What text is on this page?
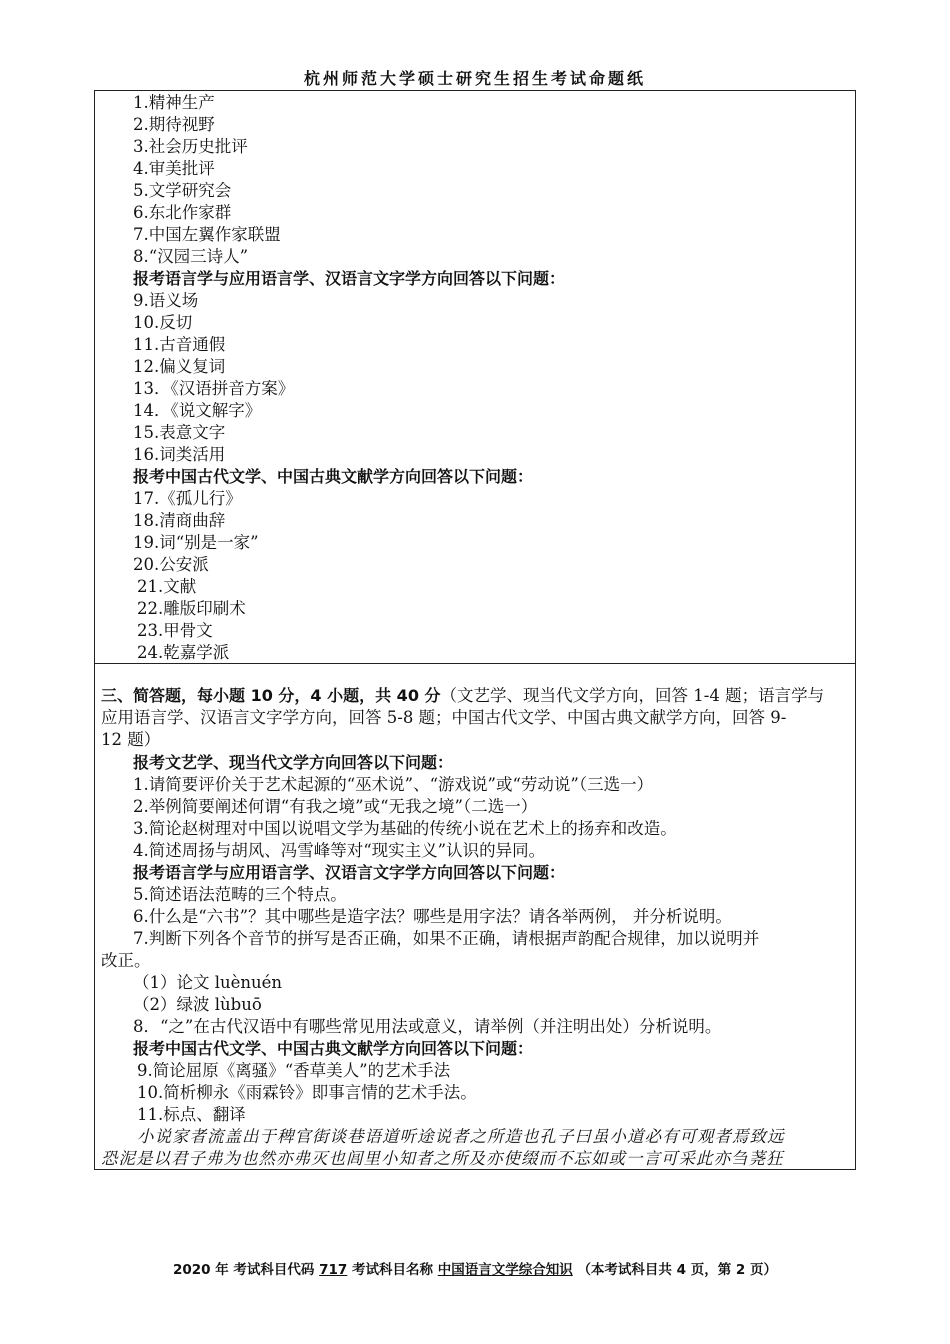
杭州师范大学硕士研究生招生考试命题纸
1.精神生产
2.期待视野
3.社会历史批评
4.审美批评
5.文学研究会
6.东北作家群
7.中国左翼作家联盟
8.“汉园三诗人”
报考语言学与应用语言学、汉语言文字学方向回答以下问题：
9.语义场
10.反切
11.古音通假
12.偏义复词
13．《汉语拼音方案》
14．《说文解字》
15.表意文字
16.词类活用
报考中国古代文学、中国古典文献学方向回答以下问题：
17.《孤儿行》
18.清商曲辞
19.词“别是一家”
20.公安派
21.文献
22.雕版印刷术
23.甲骨文
24.乾嘉学派
三、简答题，每小题 10 分，4 小题，共 40 分（文艺学、现当代文学方向，回答 1-4 题；语言学与
应用语言学、汉语言文字学方向，回答 5-8 题；中国古代文学、中国古典文献学方向，回答 9-
12 题）
报考文艺学、现当代文学方向回答以下问题：
1.请简要评价关于艺术起源的“巫术说”、“游戏说”或“劳动说”（三选一）
2.举例简要阐述何谓“有我之境”或“无我之境”（二选一）
3.简论赵树理对中国以说唱文学为基础的传统小说在艺术上的扬弃和改造。
4.简述周扬与胡风、冯雪峰等对“现实主义”认识的异同。
报考语言学与应用语言学、汉语言文字学方向回答以下问题：
5.简述语法范畴的三个特点。
6.什么是“六书”？其中哪些是造字法？哪些是用字法？请各举两例， 并分析说明。
7.判断下列各个音节的拼写是否正确，如果不正确，请根据声韵配合规律，加以说明并
改正。
（1）论文 luènuén
（2）绿波 lùbuō
8．“之”在古代汉语中有哪些常见用法或意义，请举例（并注明出处）分析说明。
报考中国古代文学、中国古典文献学方向回答以下问题：
9.简论屈原《离骚》“香草美人”的艺术手法
10.简析柳永《雨霖铃》即事言情的艺术手法。
11.标点、翻译
小说家者流盖出于稗官街谈巷语道听途说者之所造也孔子曰虽小道必有可观者焉致远
恐泥是以君子弗为也然亦弗灭也闾里小知者之所及亦使缀而不忘如或一言可采此亦刍荛狂
2020 年 考试科目代码 717 考试科目名称 中国语言文学综合知识 （本考试科目共 4 页，第 2 页）
